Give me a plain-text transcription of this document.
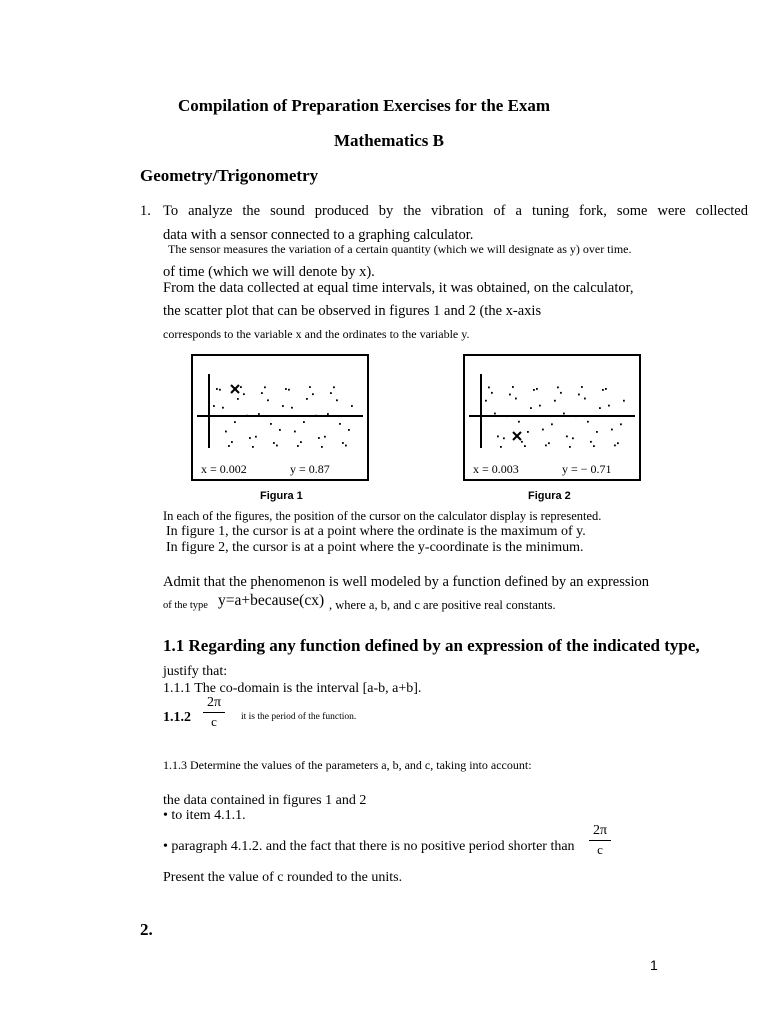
Compilation of Preparation Exercises for the Exam
Mathematics B
Geometry/Trigonometry
1. To analyze the sound produced by the vibration of a tuning fork, some were collected
data with a sensor connected to a graphing calculator.
The sensor measures the variation of a certain quantity (which we will designate as y) over time.
of time (which we will denote by x).
From the data collected at equal time intervals, it was obtained, on the calculator,
the scatter plot that can be observed in figures 1 and 2 (the x-axis
corresponds to the variable x and the ordinates to the variable y.
x = 0.002	y = 0.87
Figura 1
x = 0.003	y = − 0.71
Figura 2
In each of the figures, the position of the cursor on the calculator display is represented.
In figure 1, the cursor is at a point where the ordinate is the maximum of y.
In figure 2, the cursor is at a point where the y-coordinate is the minimum.
Admit that the phenomenon is well modeled by a function defined by an expression
of the type y=a+because(cx) , where a, b, and c are positive real constants.
1.1 Regarding any function defined by an expression of the indicated type,
justify that:
1.1.1 The co-domain is the interval [a-b, a+b].
$1.1.2 \frac{2\pi}{c}$ it is the period of the function.
1.1.3 Determine the values of the parameters a, b, and c, taking into account:
the data contained in figures 1 and 2
• to item 4.1.1.
• paragraph 4.1.2. and the fact that there is no positive period shorter than $\frac{2\pi}{c}$
Present the value of c rounded to the units.
2.
1
